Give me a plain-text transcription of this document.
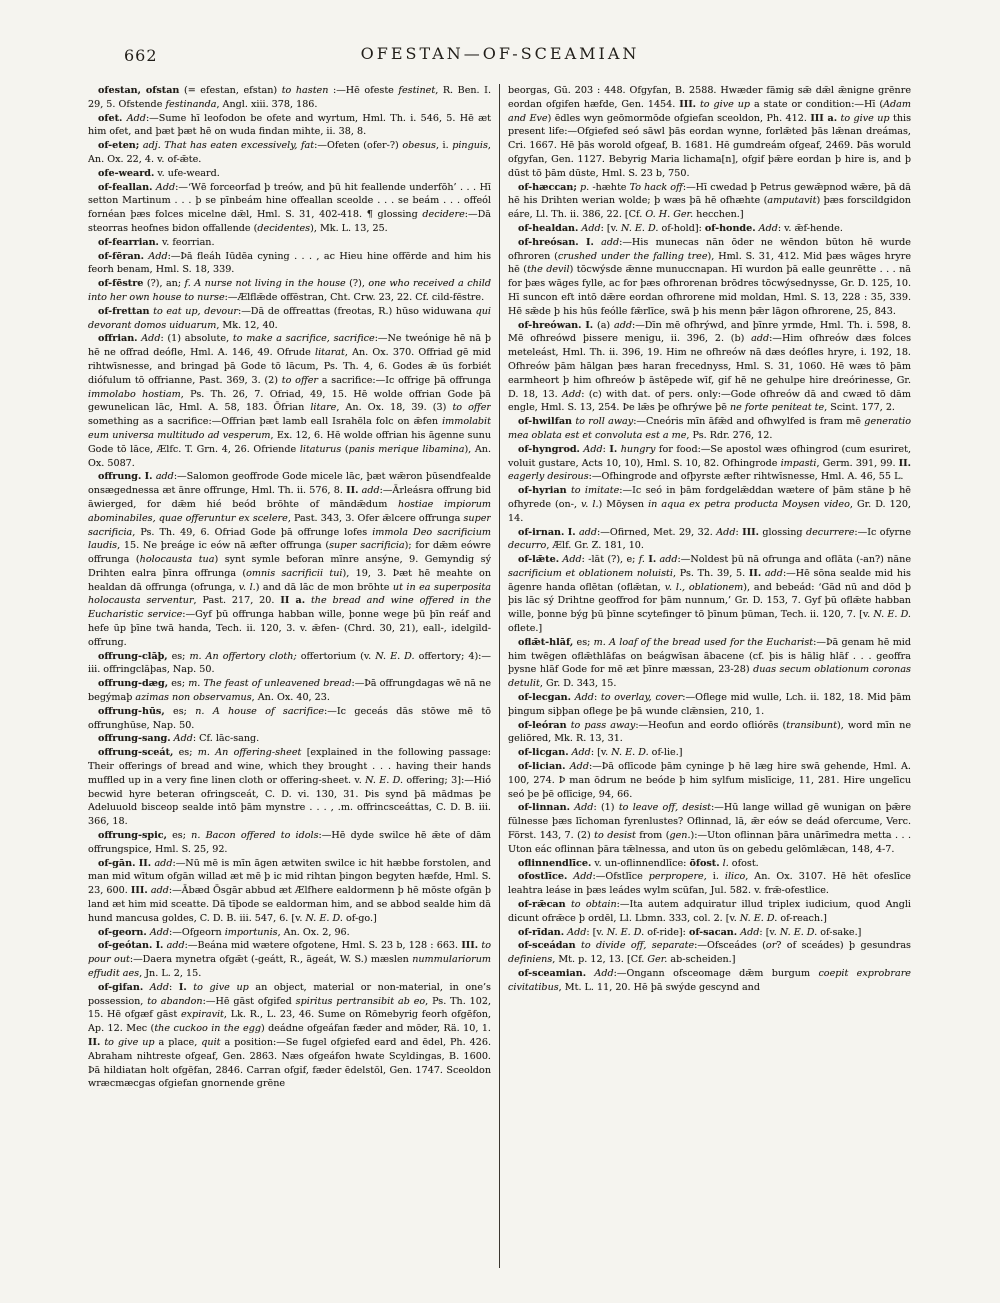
662	OFESTAN—OF-SCEAMIAN

ofestan, ofstan (= efestan, efstan) to hasten :—Hē ofeste festinet, R. Ben. I. 29, 5. Ofstende festinanda, Angl. xiii. 378, 186.

ofet. Add:—Sume hī leofodon be ofete and wyrtum, Hml. Th. i. 546, 5. Hē æt him ofet, and þæt þæt hē on wuda findan mihte, ii. 38, 8.

of-eten; adj. That has eaten excessively, fat:—Ofeten (ofer-?) obesus, i. pinguis, An. Ox. 22, 4. v. of-ǣte.

ofe-weard. v. ufe-weard.

of-feallan. Add:—‘Wē forceorfad þ treów, and þū hit feallende underfōh’ . . . Hī setton Martinum . . . þ se pīnbeám hine offeallan sceolde . . . se beám . . . offeól fornéan þæs folces micelne dǣl, Hml. S. 31, 402-418. ¶ glossing decidere:—Dā steorras heofnes bidon offallende (decidentes), Mk. L. 13, 25.

of-fearrian. v. feorrian.

of-fēran. Add:—Þā fleáh Iūdēa cyning . . . , ac Hieu hine offērde and him his feorh benam, Hml. S. 18, 339.

of-fēstre (?), an; f. A nurse not living in the house (?), one who received a child into her own house to nurse:—Ælflǣde offēstran, Cht. Crw. 23, 22. Cf. cild-fēstre.

of-frettan to eat up, devour:—Dā de offreattas (freotas, R.) hūso widuwana qui devorant domos uiduarum, Mk. 12, 40.

offrian. Add: (1) absolute, to make a sacrifice, sacrifice:—Ne tweónige hē nā þ hē ne offrad deófle, Hml. A. 146, 49. Ofrude litarat, An. Ox. 370. Offriad gē mid rihtwīsnesse, and bringad þā Gode tō lācum, Ps. Th. 4, 6. Godes ǣ ūs forbiét diófulum tō offrianne, Past. 369, 3. (2) to offer a sacrifice:—Ic offrige þā offrunga immolabo hostiam, Ps. Th. 26, 7. Ofriad, 49, 15. Hē wolde offrian Gode þā gewunelican lāc, Hml. A. 58, 183. Ōfrian litare, An. Ox. 18, 39. (3) to offer something as a sacrifice:—Offrian þæt lamb eall Israhēla folc on ǣfen immolabit eum universa multitudo ad vesperum, Ex. 12, 6. Hē wolde offrian his āgenne sunu Gode tō lāce, Ælfc. T. Grn. 4, 26. Ofriende litaturus (panis merique libamina), An. Ox. 5087.

offrung. I. add:—Salomon geoffrode Gode micele lāc, þæt wǣron þūsendfealde onsægednessa æt ānre offrunge, Hml. Th. ii. 576, 8. II. add:—Ārleásra offrung bid āwierged, for dǣm hié beód brōhte of māndǣdum hostiae impiorum abominabiles, quae offeruntur ex scelere, Past. 343, 3. Ofer ǣlcere offrunga super sacrificia, Ps. Th. 49, 6. Ofriad Gode þā offrunge lofes immola Deo sacrificium laudis, 15. Ne þreáge ic eów nā æfter offrunga (super sacrificia); for dǣm eówre offrunga (holocausta tua) synt symle beforan mīnre ansýne, 9. Gemyndig sý Drihten ealra þīnra offrunga (omnis sacrificii tui), 19, 3. Þæt hē meahte on healdan dā offrunga (ofrunga, v. l.) and dā lāc de mon brōhte ut in ea superposita holocausta serventur, Past. 217, 20. II a. the bread and wine offered in the Eucharistic service:—Gyf þū offrunga habban wille, þonne wege þū þīn reáf and hefe ūp þīne twā handa, Tech. ii. 120, 3. v. ǣfen- (Chrd. 30, 21), eall-, idelgild-offrung.

offrung-clāþ, es; m. An offertory cloth; offertorium (v. N. E. D. offertory; 4):—iii. offringclāþas, Nap. 50.

offrung-dæg, es; m. The feast of unleavened bread:—Þā offrungdagas wē nā ne begýmaþ azimas non observamus, An. Ox. 40, 23.

offrung-hūs, es; n. A house of sacrifice:—Ic geceás dās stōwe mē tō offrunghūse, Nap. 50.

offrung-sang. Add: Cf. lāc-sang.

offrung-sceát, es; m. An offering-sheet [explained in the following passage: Their offerings of bread and wine, which they brought . . . having their hands muffled up in a very fine linen cloth or offering-sheet. v. N. E. D. offering; 3]:—Hió becwid hyre beteran ofringsceát, C. D. vi. 130, 31. Þis synd þā mādmas þe Adeluuold bisceop sealde intō þām mynstre . . . , .m. offrincsceáttas, C. D. B. iii. 366, 18.

offrung-spic, es; n. Bacon offered to idols:—Hē dyde swilce hē ǣte of dām offrungspice, Hml. S. 25, 92.

of-gān. II. add:—Nū mē is mīn āgen ætwiten swilce ic hit hæbbe forstolen, and man mid wītum ofgān willad æt mē þ ic mid rihtan þingon begyten hæfde, Hml. S. 23, 600. III. add:—Ābæd Ōsgār abbud æt Ælfhere ealdormenn þ hē mōste ofgān þ land æt him mid sceatte. Dā tīþode se ealdorman him, and se abbod sealde him dā hund mancusa goldes, C. D. B. iii. 547, 6. [v. N. E. D. of-go.]

of-georn. Add:—Ofgeorn importunis, An. Ox. 2, 96.

of-geótan. I. add:—Beána mid wætere ofgotene, Hml. S. 23 b, 128 : 663. III. to pour out:—Daera mynetra ofgǣt (-geátt, R., āgeát, W. S.) mæslen nummulariorum effudit aes, Jn. L. 2, 15.

of-gifan. Add: I. to give up an object, material or non-material, in one’s possession, to abandon:—Hē gāst ofgifed spiritus pertransibit ab eo, Ps. Th. 102, 15. Hē ofgæf gāst expiravit, Lk. R., L. 23, 46. Sume on Rōmebyrig feorh ofgēfon, Ap. 12. Mec (the cuckoo in the egg) deádne ofgeáfan fæder and mōder, Rä. 10, 1. II. to give up a place, quit a position:—Se fugel ofgiefed eard and ēdel, Ph. 426. Abraham nihtreste ofgeaf, Gen. 2863. Næs ofgeáfon hwate Scyldingas, B. 1600. Þā hildiatan holt ofgēfan, 2846. Carran ofgif, fæder ēdelstōl, Gen. 1747. Sceoldon wræcmæcgas ofgiefan gnornende grēne

beorgas, Gū. 203 : 448. Ofgyfan, B. 2588. Hwæder fāmig sǣ dǣl ǣnigne grēnre eordan ofgifen hæfde, Gen. 1454. III. to give up a state or condition:—Hī (Adam and Eve) ēdles wyn geōmormōde ofgiefan sceoldon, Ph. 412. III a. to give up this present life:—Ofgiefed seó sāwl þās eordan wynne, forlǣted þās lǣnan dreámas, Cri. 1667. Hē þās worold ofgeaf, B. 1681. Hē gumdreám ofgeaf, 2469. Þās woruld ofgyfan, Gen. 1127. Bebyrig Maria lichama[n], ofgif þǣre eordan þ hire is, and þ dūst tō þām dūste, Hml. S. 23 b, 750.

of-hæccan; p. -hæhte To hack off:—Hī cwedad þ Petrus gewǣpnod wǣre, þā dā hē his Drihten werian wolde; þ wæs þā hē ofhæhte (amputavit) þæs forscildgidon eáre, Ll. Th. ii. 386, 22. [Cf. O. H. Ger. hecchen.]

of-healdan. Add: [v. N. E. D. of-hold]: of-honde. Add: v. ǣf-hende.

of-hreósan. I. add:—His munecas nān ōder ne wēndon būton hē wurde ofhroren (crushed under the falling tree), Hml. S. 31, 412. Mid þæs wāges hryre hē (the devil) tōcwýsde ǣnne munuccnapan. Hī wurdon þā ealle geunrētte . . . nā for þæs wāges fylle, ac for þæs ofhrorenan brōdres tōcwýsednysse, Gr. D. 125, 10. Hī suncon eft intō dǣre eordan ofhrorene mid moldan, Hml. S. 13, 228 : 35, 339. Hē sǣde þ his hūs feólle fǣrlīce, swā þ his menn þǣr lāgon ofhrorene, 25, 843.

of-hreówan. I. (a) add:—Dīn mē ofhrýwd, and þīnre yrmde, Hml. Th. i. 598, 8. Mē ofhreówd þissere menigu, ii. 396, 2. (b) add:—Him ofhreów dæs folces meteleást, Hml. Th. ii. 396, 19. Him ne ofhreów nā dæs deófles hryre, i. 192, 18. Ofhreów þām hālgan þæs haran frecednyss, Hml. S. 31, 1060. Hē wæs tō þām earmheort þ him ofhreów þ āstēpede wīf, gif hē ne gehulpe hire dreórinesse, Gr. D. 18, 13. Add: (c) with dat. of pers. only:—Gode ofhreów dā and cwæd tō dām engle, Hml. S. 13, 254. Þe lǣs þe ofhrýwe þē ne forte peniteat te, Scint. 177, 2.

of-hwilfan to roll away:—Cneóris mīn āfǣd and ofhwylfed is fram mē generatio mea oblata est et convoluta est a me, Ps. Rdr. 276, 12.

of-hyngrod. Add: I. hungry for food:—Se apostol wæs ofhingrod (cum esuriret, voluit gustare, Acts 10, 10), Hml. S. 10, 82. Ofhingrode impasti, Germ. 391, 99. II. eagerly desirous:—Ofhingrode and ofþyrste æfter rihtwīsnesse, Hml. A. 46, 55 L.

of-hyrian to imitate:—Ic seó in þām fordgelǣddan wætere of þām stāne þ hē ofhyrede (on-, v. l.) Mōysen in aqua ex petra producta Moysen video, Gr. D. 120, 14.

of-irnan. I. add:—Ofirned, Met. 29, 32. Add: III. glossing decurrere:—Ic ofyrne decurro, Ælf. Gr. Z. 181, 10.

of-lǣte. Add: -lāt (?), e; f. I. add:—Noldest þū nā ofrunga and oflāta (-an?) nāne sacrificium et oblationem noluisti, Ps. Th. 39, 5. II. add:—Hē sōna sealde mid his āgenre handa oflētan (oflǣtan, v. l., oblationem), and bebeád: ‘Gād nū and dōd þ þis lāc sý Drihtne geoffrod for þām nunnum,’ Gr. D. 153, 7. Gyf þū oflǣte habban wille, þonne býg þū þīnne scytefinger tō þīnum þūman, Tech. ii. 120, 7. [v. N. E. D. oflete.]

oflǣt-hlāf, es; m. A loaf of the bread used for the Eucharist:—Þā genam hē mid him twēgen oflǣthlāfas on beágwīsan ābacene (cf. þis is hālig hlāf . . . geoffra þysne hlāf Gode for mē æt þīnre mæssan, 23-28) duas secum oblationum coronas detulit, Gr. D. 343, 15.

of-lecgan. Add: to overlay, cover:—Oflege mid wulle, Lch. ii. 182, 18. Mid þām þingum siþþan oflege þe þā wunde clǣnsien, 210, 1.

of-leóran to pass away:—Heofun and eordo ofliórēs (transibunt), word mīn ne geliōred, Mk. R. 13, 31.

of-licgan. Add: [v. N. E. D. of-lie.]

of-lician. Add:—Þā oflīcode þām cyninge þ hē læg hire swā gehende, Hml. A. 100, 274. Þ man ōdrum ne beóde þ him sylfum mislīcige, 11, 281. Hire ungelīcu seó þe þē oflīcige, 94, 66.

of-linnan. Add: (1) to leave off, desist:—Hū lange willad gē wunigan on þǣre fūlnesse þæs līchoman fyrenlustes? Oflinnad, lā, ǣr eów se deád ofercume, Verc. Först. 143, 7. (2) to desist from (gen.):—Uton oflinnan þāra unārīmedra metta . . . Uton eác oflinnan þāra tǣlnessa, and uton ūs on gebedu gelōmlǣcan, 148, 4-7.

oflinnendlīce. v. un-oflinnendlīce: ōfost. l. ofost.

ofostlīce. Add:—Ofstlīce perpropere, i. ilico, An. Ox. 3107. Hē hēt ofeslīce leahtra leáse in þæs leádes wylm scūfan, Jul. 582. v. frǣ-ofestlice.

of-rǣcan to obtain:—Ita autem adquiratur illud triplex iudicium, quod Angli dicunt ofrǣce þ ordēl, Ll. Lbmn. 333, col. 2. [v. N. E. D. of-reach.]

of-rīdan. Add: [v. N. E. D. of-ride]: of-sacan. Add: [v. N. E. D. of-sake.]

of-sceádan to divide off, separate:—Ofsceádes (or? of sceádes) þ gesundras definiens, Mt. p. 12, 13. [Cf. Ger. ab-scheiden.]

of-sceamian. Add:—Ongann ofsceomage dǣm burgum coepit exprobrare civitatibus, Mt. L. 11, 20. Hē þā swýde gescynd and
